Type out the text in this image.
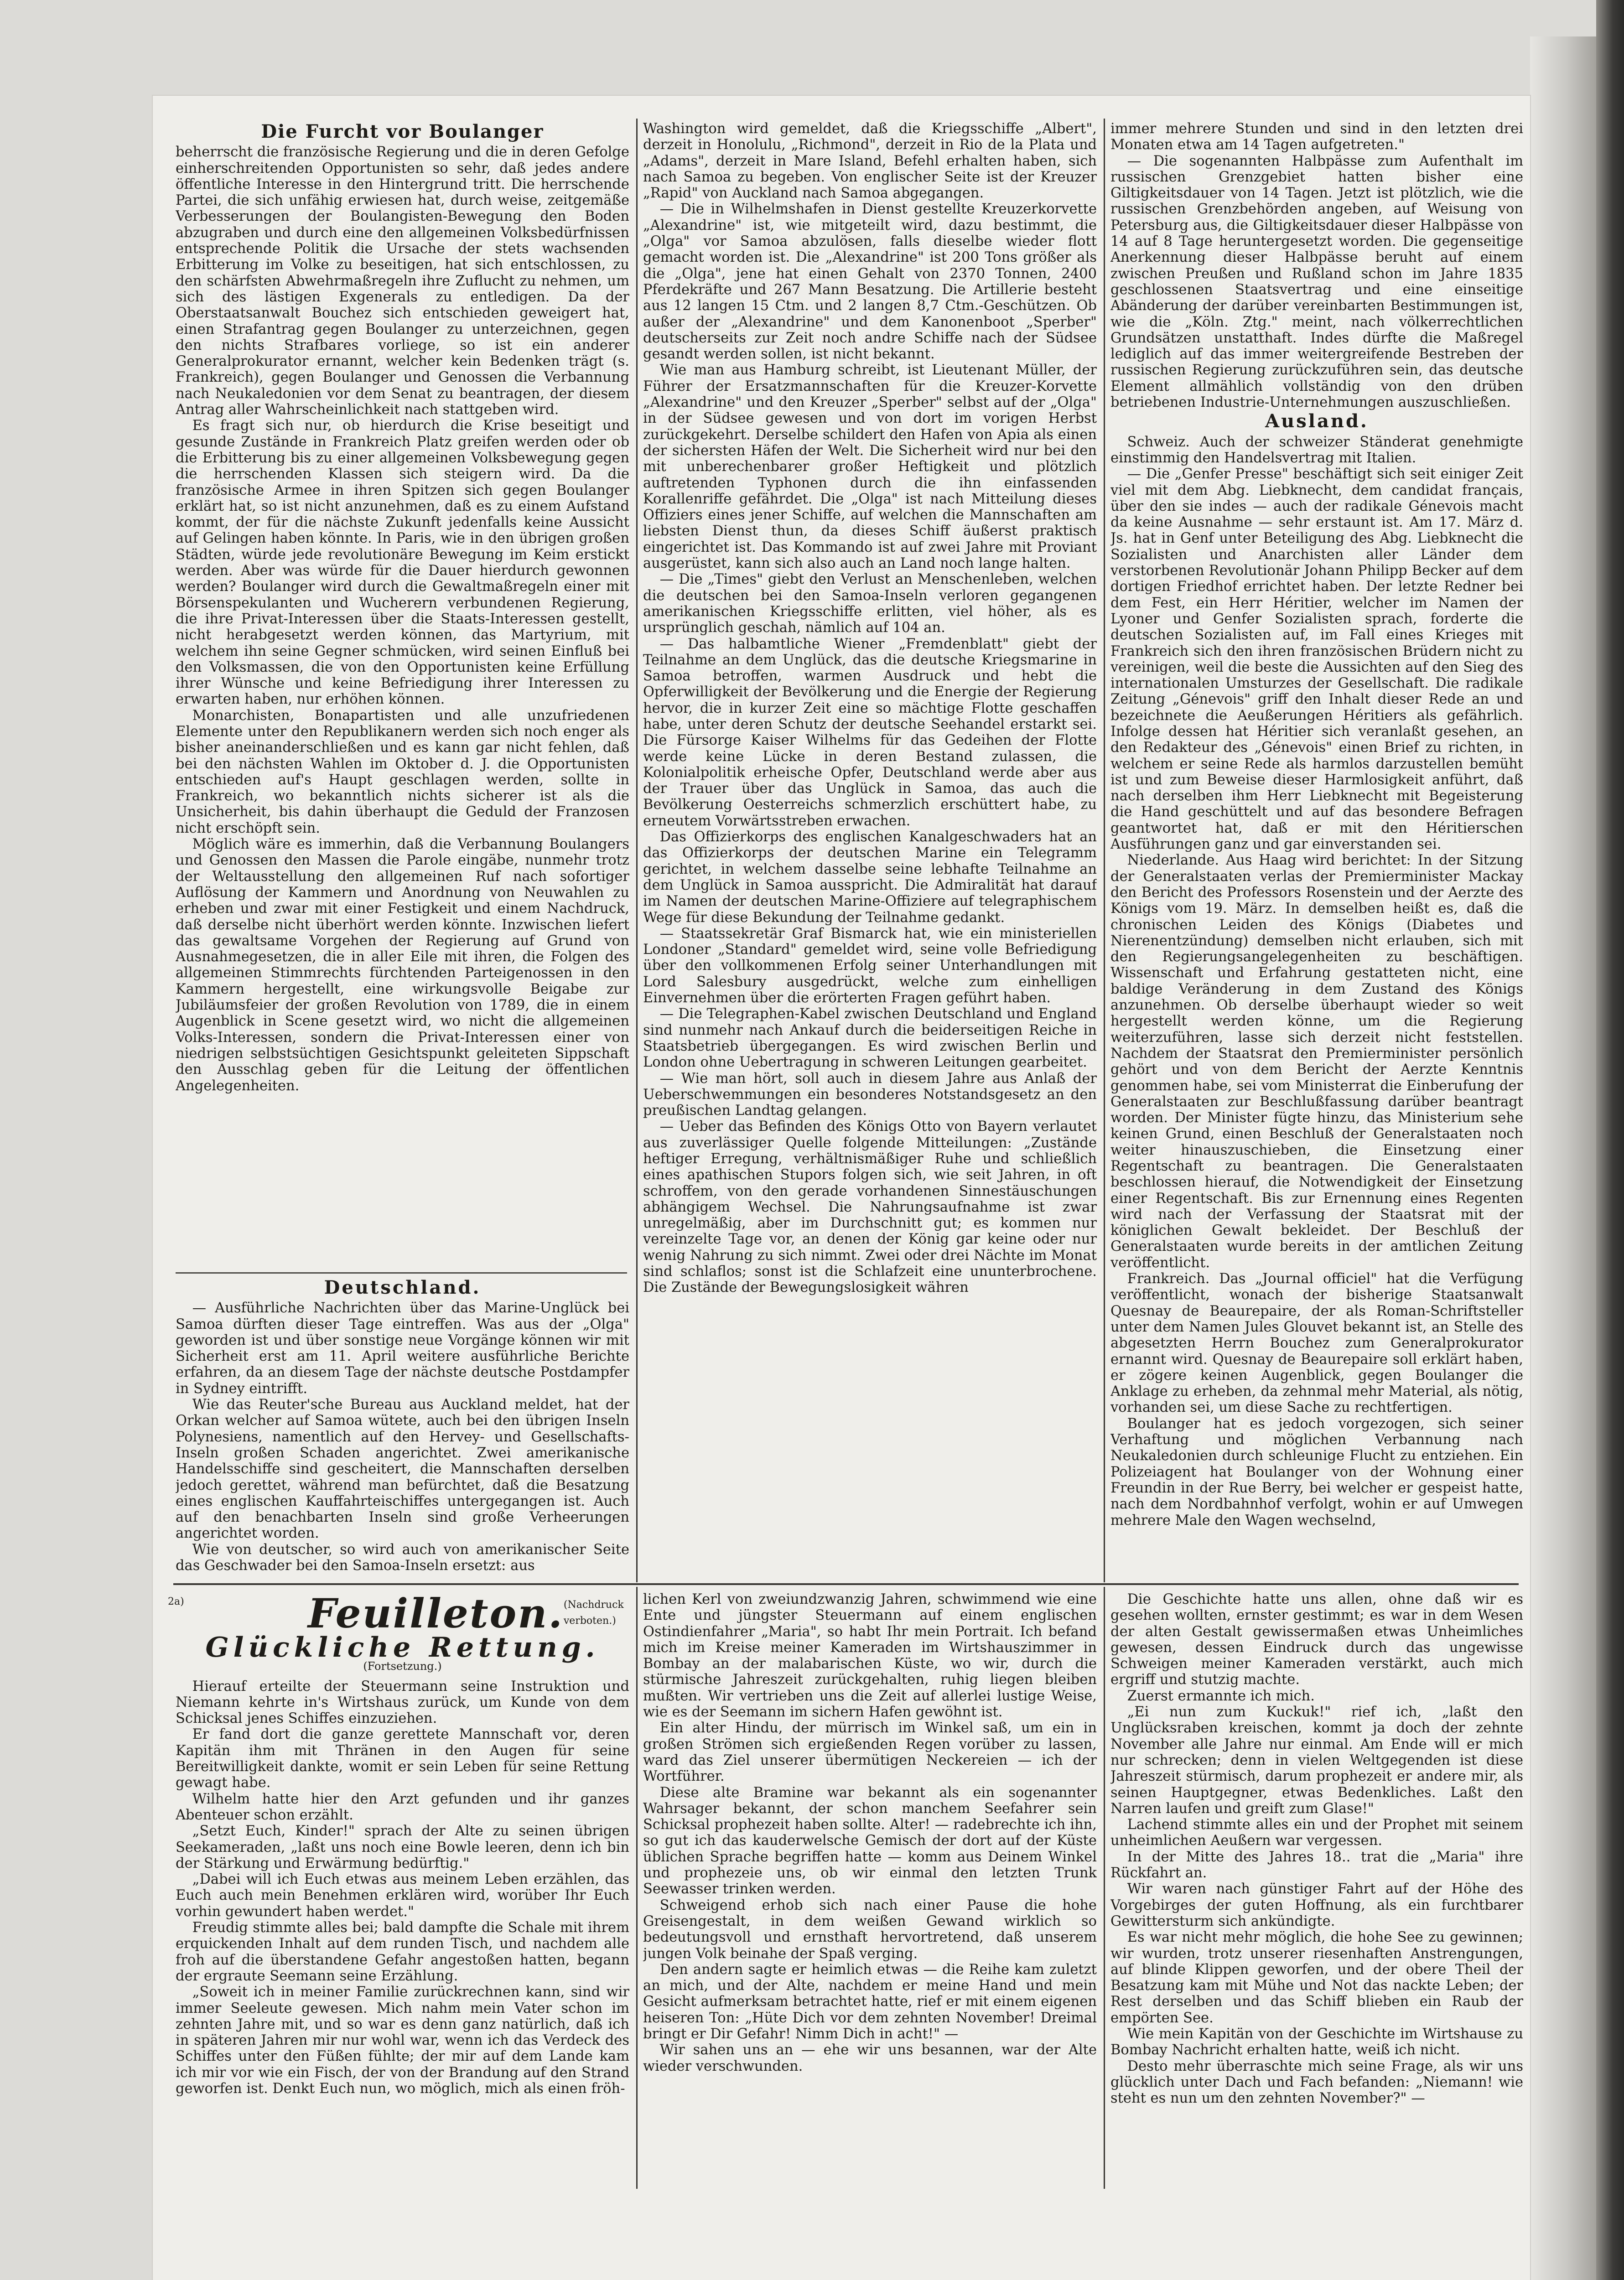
2a)
Die Furcht vor Boulanger

beherrscht die französische Regierung und die in deren Gefolge einherschreitenden Opportunisten so sehr, daß jedes andere öffentliche Interesse in den Hintergrund tritt. Die herrschende Partei, die sich unfähig erwiesen hat, durch weise, zeitgemäße Verbesserungen der Boulangisten-Bewegung den Boden abzugraben und durch eine den allgemeinen Volksbedürfnissen entsprechende Politik die Ursache der stets wachsenden Erbitterung im Volke zu beseitigen, hat sich entschlossen, zu den schärfsten Abwehrmaßregeln ihre Zuflucht zu nehmen, um sich des lästigen Exgenerals zu entledigen. Da der Oberstaatsanwalt Bouchez sich entschieden geweigert hat, einen Strafantrag gegen Boulanger zu unterzeichnen, gegen den nichts Strafbares vorliege, so ist ein anderer Generalprokurator ernannt, welcher kein Bedenken trägt (s. Frankreich), gegen Boulanger und Genossen die Verbannung nach Neukaledonien vor dem Senat zu beantragen, der diesem Antrag aller Wahrscheinlichkeit nach stattgeben wird.

Es fragt sich nur, ob hierdurch die Krise beseitigt und gesunde Zustände in Frankreich Platz greifen werden oder ob die Erbitterung bis zu einer allgemeinen Volksbewegung gegen die herrschenden Klassen sich steigern wird. Da die französische Armee in ihren Spitzen sich gegen Boulanger erklärt hat, so ist nicht anzunehmen, daß es zu einem Aufstand kommt, der für die nächste Zukunft jedenfalls keine Aussicht auf Gelingen haben könnte. In Paris, wie in den übrigen großen Städten, würde jede revolutionäre Bewegung im Keim erstickt werden. Aber was würde für die Dauer hierdurch gewonnen werden? Boulanger wird durch die Gewaltmaßregeln einer mit Börsenspekulanten und Wucherern verbundenen Regierung, die ihre Privat-Interessen über die Staats-Interessen gestellt, nicht herabgesetzt werden können, das Martyrium, mit welchem ihn seine Gegner schmücken, wird seinen Einfluß bei den Volksmassen, die von den Opportunisten keine Erfüllung ihrer Wünsche und keine Befriedigung ihrer Interessen zu erwarten haben, nur erhöhen können.

Monarchisten, Bonapartisten und alle unzufriedenen Elemente unter den Republikanern werden sich noch enger als bisher aneinanderschließen und es kann gar nicht fehlen, daß bei den nächsten Wahlen im Oktober d. J. die Opportunisten entschieden auf's Haupt geschlagen werden, sollte in Frankreich, wo bekanntlich nichts sicherer ist als die Unsicherheit, bis dahin überhaupt die Geduld der Franzosen nicht erschöpft sein.

Möglich wäre es immerhin, daß die Verbannung Boulangers und Genossen den Massen die Parole eingäbe, nunmehr trotz der Weltausstellung den allgemeinen Ruf nach sofortiger Auflösung der Kammern und Anordnung von Neuwahlen zu erheben und zwar mit einer Festigkeit und einem Nachdruck, daß derselbe nicht überhört werden könnte. Inzwischen liefert das gewaltsame Vorgehen der Regierung auf Grund von Ausnahmegesetzen, die in aller Eile mit ihren, die Folgen des allgemeinen Stimmrechts fürchtenden Parteigenossen in den Kammern hergestellt, eine wirkungsvolle Beigabe zur Jubiläumsfeier der großen Revolution von 1789, die in einem Augenblick in Scene gesetzt wird, wo nicht die allgemeinen Volks-Interessen, sondern die Privat-Interessen einer von niedrigen selbstsüchtigen Gesichtspunkt geleiteten Sippschaft den Ausschlag geben für die Leitung der öffentlichen Angelegenheiten.

Deutschland.

— Ausführliche Nachrichten über das Marine-Unglück bei Samoa dürften dieser Tage eintreffen. Was aus der „Olga" geworden ist und über sonstige neue Vorgänge können wir mit Sicherheit erst am 11. April weitere ausführliche Berichte erfahren, da an diesem Tage der nächste deutsche Postdampfer in Sydney eintrifft.

Wie das Reuter'sche Bureau aus Auckland meldet, hat der Orkan welcher auf Samoa wütete, auch bei den übrigen Inseln Polynesiens, namentlich auf den Hervey- und Gesellschafts-Inseln großen Schaden angerichtet. Zwei amerikanische Handelsschiffe sind gescheitert, die Mannschaften derselben jedoch gerettet, während man befürchtet, daß die Besatzung eines englischen Kauffahrteischiffes untergegangen ist. Auch auf den benachbarten Inseln sind große Verheerungen angerichtet worden.

Wie von deutscher, so wird auch von amerikanischer Seite das Geschwader bei den Samoa-Inseln ersetzt: aus

Washington wird gemeldet, daß die Kriegsschiffe „Albert", derzeit in Honolulu, „Richmond", derzeit in Rio de la Plata und „Adams", derzeit in Mare Island, Befehl erhalten haben, sich nach Samoa zu begeben. Von englischer Seite ist der Kreuzer „Rapid" von Auckland nach Samoa abgegangen.

— Die in Wilhelmshafen in Dienst gestellte Kreuzerkorvette „Alexandrine" ist, wie mitgeteilt wird, dazu bestimmt, die „Olga" vor Samoa abzulösen, falls dieselbe wieder flott gemacht worden ist. Die „Alexandrine" ist 200 Tons größer als die „Olga", jene hat einen Gehalt von 2370 Tonnen, 2400 Pferdekräfte und 267 Mann Besatzung. Die Artillerie besteht aus 12 langen 15 Ctm. und 2 langen 8,7 Ctm.-Geschützen. Ob außer der „Alexandrine" und dem Kanonenboot „Sperber" deutscherseits zur Zeit noch andre Schiffe nach der Südsee gesandt werden sollen, ist nicht bekannt.

Wie man aus Hamburg schreibt, ist Lieutenant Müller, der Führer der Ersatzmannschaften für die Kreuzer-Korvette „Alexandrine" und den Kreuzer „Sperber" selbst auf der „Olga" in der Südsee gewesen und von dort im vorigen Herbst zurückgekehrt. Derselbe schildert den Hafen von Apia als einen der sichersten Häfen der Welt. Die Sicherheit wird nur bei den mit unberechenbarer großer Heftigkeit und plötzlich auftretenden Typhonen durch die ihn einfassenden Korallenriffe gefährdet. Die „Olga" ist nach Mitteilung dieses Offiziers eines jener Schiffe, auf welchen die Mannschaften am liebsten Dienst thun, da dieses Schiff äußerst praktisch eingerichtet ist. Das Kommando ist auf zwei Jahre mit Proviant ausgerüstet, kann sich also auch an Land noch lange halten.

— Die „Times" giebt den Verlust an Menschenleben, welchen die deutschen bei den Samoa-Inseln verloren gegangenen amerikanischen Kriegsschiffe erlitten, viel höher, als es ursprünglich geschah, nämlich auf 104 an.

— Das halbamtliche Wiener „Fremdenblatt" giebt der Teilnahme an dem Unglück, das die deutsche Kriegsmarine in Samoa betroffen, warmen Ausdruck und hebt die Opferwilligkeit der Bevölkerung und die Energie der Regierung hervor, die in kurzer Zeit eine so mächtige Flotte geschaffen habe, unter deren Schutz der deutsche Seehandel erstarkt sei. Die Fürsorge Kaiser Wilhelms für das Gedeihen der Flotte werde keine Lücke in deren Bestand zulassen, die Kolonialpolitik erheische Opfer, Deutschland werde aber aus der Trauer über das Unglück in Samoa, das auch die Bevölkerung Oesterreichs schmerzlich erschüttert habe, zu erneutem Vorwärtsstreben erwachen.

Das Offizierkorps des englischen Kanalgeschwaders hat an das Offizierkorps der deutschen Marine ein Telegramm gerichtet, in welchem dasselbe seine lebhafte Teilnahme an dem Unglück in Samoa ausspricht. Die Admiralität hat darauf im Namen der deutschen Marine-Offiziere auf telegraphischem Wege für diese Bekundung der Teilnahme gedankt.

— Staatssekretär Graf Bismarck hat, wie ein ministeriellen Londoner „Standard" gemeldet wird, seine volle Befriedigung über den vollkommenen Erfolg seiner Unterhandlungen mit Lord Salesbury ausgedrückt, welche zum einhelligen Einvernehmen über die erörterten Fragen geführt haben.

— Die Telegraphen-Kabel zwischen Deutschland und England sind nunmehr nach Ankauf durch die beiderseitigen Reiche in Staatsbetrieb übergegangen. Es wird zwischen Berlin und London ohne Uebertragung in schweren Leitungen gearbeitet.

— Wie man hört, soll auch in diesem Jahre aus Anlaß der Ueberschwemmungen ein besonderes Notstandsgesetz an den preußischen Landtag gelangen.

— Ueber das Befinden des Königs Otto von Bayern verlautet aus zuverlässiger Quelle folgende Mitteilungen: „Zustände heftiger Erregung, verhältnismäßiger Ruhe und schließlich eines apathischen Stupors folgen sich, wie seit Jahren, in oft schroffem, von den gerade vorhandenen Sinnestäuschungen abhängigem Wechsel. Die Nahrungsaufnahme ist zwar unregelmäßig, aber im Durchschnitt gut; es kommen nur vereinzelte Tage vor, an denen der König gar keine oder nur wenig Nahrung zu sich nimmt. Zwei oder drei Nächte im Monat sind schlaflos; sonst ist die Schlafzeit eine ununterbrochene. Die Zustände der Bewegungslosigkeit währen

immer mehrere Stunden und sind in den letzten drei Monaten etwa am 14 Tagen aufgetreten."

— Die sogenannten Halbpässe zum Aufenthalt im russischen Grenzgebiet hatten bisher eine Giltigkeitsdauer von 14 Tagen. Jetzt ist plötzlich, wie die russischen Grenzbehörden angeben, auf Weisung von Petersburg aus, die Giltigkeitsdauer dieser Halbpässe von 14 auf 8 Tage heruntergesetzt worden. Die gegenseitige Anerkennung dieser Halbpässe beruht auf einem zwischen Preußen und Rußland schon im Jahre 1835 geschlossenen Staatsvertrag und eine einseitige Abänderung der darüber vereinbarten Bestimmungen ist, wie die „Köln. Ztg." meint, nach völkerrechtlichen Grundsätzen unstatthaft. Indes dürfte die Maßregel lediglich auf das immer weitergreifende Bestreben der russischen Regierung zurückzuführen sein, das deutsche Element allmählich vollständig von den drüben betriebenen Industrie-Unternehmungen auszuschließen.

Ausland.

Schweiz. Auch der schweizer Ständerat genehmigte einstimmig den Handelsvertrag mit Italien.

— Die „Genfer Presse" beschäftigt sich seit einiger Zeit viel mit dem Abg. Liebknecht, dem candidat français, über den sie indes — auch der radikale Génevois macht da keine Ausnahme — sehr erstaunt ist. Am 17. März d. Js. hat in Genf unter Beteiligung des Abg. Liebknecht die Sozialisten und Anarchisten aller Länder dem verstorbenen Revolutionär Johann Philipp Becker auf dem dortigen Friedhof errichtet haben. Der letzte Redner bei dem Fest, ein Herr Héritier, welcher im Namen der Lyoner und Genfer Sozialisten sprach, forderte die deutschen Sozialisten auf, im Fall eines Krieges mit Frankreich sich den ihren französischen Brüdern nicht zu vereinigen, weil die beste die Aussichten auf den Sieg des internationalen Umsturzes der Gesellschaft. Die radikale Zeitung „Génevois" griff den Inhalt dieser Rede an und bezeichnete die Aeußerungen Héritiers als gefährlich. Infolge dessen hat Héritier sich veranlaßt gesehen, an den Redakteur des „Génevois" einen Brief zu richten, in welchem er seine Rede als harmlos darzustellen bemüht ist und zum Beweise dieser Harmlosigkeit anführt, daß nach derselben ihm Herr Liebknecht mit Begeisterung die Hand geschüttelt und auf das besondere Befragen geantwortet hat, daß er mit den Héritierschen Ausführungen ganz und gar einverstanden sei.

Niederlande. Aus Haag wird berichtet: In der Sitzung der Generalstaaten verlas der Premierminister Mackay den Bericht des Professors Rosenstein und der Aerzte des Königs vom 19. März. In demselben heißt es, daß die chronischen Leiden des Königs (Diabetes und Nierenentzündung) demselben nicht erlauben, sich mit den Regierungsangelegenheiten zu beschäftigen. Wissenschaft und Erfahrung gestatteten nicht, eine baldige Veränderung in dem Zustand des Königs anzunehmen. Ob derselbe überhaupt wieder so weit hergestellt werden könne, um die Regierung weiterzuführen, lasse sich derzeit nicht feststellen. Nachdem der Staatsrat den Premierminister persönlich gehört und von dem Bericht der Aerzte Kenntnis genommen habe, sei vom Ministerrat die Einberufung der Generalstaaten zur Beschlußfassung darüber beantragt worden. Der Minister fügte hinzu, das Ministerium sehe keinen Grund, einen Beschluß der Generalstaaten noch weiter hinauszuschieben, die Einsetzung einer Regentschaft zu beantragen. Die Generalstaaten beschlossen hierauf, die Notwendigkeit der Einsetzung einer Regentschaft. Bis zur Ernennung eines Regenten wird nach der Verfassung der Staatsrat mit der königlichen Gewalt bekleidet. Der Beschluß der Generalstaaten wurde bereits in der amtlichen Zeitung veröffentlicht.

Frankreich. Das „Journal officiel" hat die Verfügung veröffentlicht, wonach der bisherige Staatsanwalt Quesnay de Beaurepaire, der als Roman-Schriftsteller unter dem Namen Jules Glouvet bekannt ist, an Stelle des abgesetzten Herrn Bouchez zum Generalprokurator ernannt wird. Quesnay de Beaurepaire soll erklärt haben, er zögere keinen Augenblick, gegen Boulanger die Anklage zu erheben, da zehnmal mehr Material, als nötig, vorhanden sei, um diese Sache zu rechtfertigen.

Boulanger hat es jedoch vorgezogen, sich seiner Verhaftung und möglichen Verbannung nach Neukaledonien durch schleunige Flucht zu entziehen. Ein Polizeiagent hat Boulanger von der Wohnung einer Freundin in der Rue Berry, bei welcher er gespeist hatte, nach dem Nordbahnhof verfolgt, wohin er auf Umwegen mehrere Male den Wagen wechselnd,

Feuilleton. (Nachdruck verboten.)
Glückliche Rettung.
(Fortsetzung.)

Hierauf erteilte der Steuermann seine Instruktion und Niemann kehrte in's Wirtshaus zurück, um Kunde von dem Schicksal jenes Schiffes einzuziehen.

Er fand dort die ganze gerettete Mannschaft vor, deren Kapitän ihm mit Thränen in den Augen für seine Bereitwilligkeit dankte, womit er sein Leben für seine Rettung gewagt habe.

Wilhelm hatte hier den Arzt gefunden und ihr ganzes Abenteuer schon erzählt.

„Setzt Euch, Kinder!" sprach der Alte zu seinen übrigen Seekameraden, „laßt uns noch eine Bowle leeren, denn ich bin der Stärkung und Erwärmung bedürftig."

„Dabei will ich Euch etwas aus meinem Leben erzählen, das Euch auch mein Benehmen erklären wird, worüber Ihr Euch vorhin gewundert haben werdet."

Freudig stimmte alles bei; bald dampfte die Schale mit ihrem erquickenden Inhalt auf dem runden Tisch, und nachdem alle froh auf die überstandene Gefahr angestoßen hatten, begann der ergraute Seemann seine Erzählung.

„Soweit ich in meiner Familie zurückrechnen kann, sind wir immer Seeleute gewesen. Mich nahm mein Vater schon im zehnten Jahre mit, und so war es denn ganz natürlich, daß ich in späteren Jahren mir nur wohl war, wenn ich das Verdeck des Schiffes unter den Füßen fühlte; der mir auf dem Lande kam ich mir vor wie ein Fisch, der von der Brandung auf den Strand geworfen ist. Denkt Euch nun, wo möglich, mich als einen fröh-

lichen Kerl von zweiundzwanzig Jahren, schwimmend wie eine Ente und jüngster Steuermann auf einem englischen Ostindienfahrer „Maria", so habt Ihr mein Portrait. Ich befand mich im Kreise meiner Kameraden im Wirtshauszimmer in Bombay an der malabarischen Küste, wo wir, durch die stürmische Jahreszeit zurückgehalten, ruhig liegen bleiben mußten. Wir vertrieben uns die Zeit auf allerlei lustige Weise, wie es der Seemann im sichern Hafen gewöhnt ist.

Ein alter Hindu, der mürrisch im Winkel saß, um ein in großen Strömen sich ergießenden Regen vorüber zu lassen, ward das Ziel unserer übermütigen Neckereien — ich der Wortführer.

Diese alte Bramine war bekannt als ein sogenannter Wahrsager bekannt, der schon manchem Seefahrer sein Schicksal prophezeit haben sollte. Alter! — radebrechte ich ihn, so gut ich das kauderwelsche Gemisch der dort auf der Küste üblichen Sprache begriffen hatte — komm aus Deinem Winkel und prophezeie uns, ob wir einmal den letzten Trunk Seewasser trinken werden.

Schweigend erhob sich nach einer Pause die hohe Greisengestalt, in dem weißen Gewand wirklich so bedeutungsvoll und ernsthaft hervortretend, daß unserem jungen Volk beinahe der Spaß verging.

Den andern sagte er heimlich etwas — die Reihe kam zuletzt an mich, und der Alte, nachdem er meine Hand und mein Gesicht aufmerksam betrachtet hatte, rief er mit einem eigenen heiseren Ton: „Hüte Dich vor dem zehnten November! Dreimal bringt er Dir Gefahr! Nimm Dich in acht!" —

Wir sahen uns an — ehe wir uns besannen, war der Alte wieder verschwunden.

Die Geschichte hatte uns allen, ohne daß wir es gesehen wollten, ernster gestimmt; es war in dem Wesen der alten Gestalt gewissermaßen etwas Unheimliches gewesen, dessen Eindruck durch das ungewisse Schweigen meiner Kameraden verstärkt, auch mich ergriff und stutzig machte.

Zuerst ermannte ich mich.

„Ei nun zum Kuckuk!" rief ich, „laßt den Unglücksraben kreischen, kommt ja doch der zehnte November alle Jahre nur einmal. Am Ende will er mich nur schrecken; denn in vielen Weltgegenden ist diese Jahreszeit stürmisch, darum prophezeit er andere mir, als seinen Hauptgegner, etwas Bedenkliches. Laßt den Narren laufen und greift zum Glase!"

Lachend stimmte alles ein und der Prophet mit seinem unheimlichen Aeußern war vergessen.

In der Mitte des Jahres 18.. trat die „Maria" ihre Rückfahrt an.

Wir waren nach günstiger Fahrt auf der Höhe des Vorgebirges der guten Hoffnung, als ein furchtbarer Gewittersturm sich ankündigte.

Es war nicht mehr möglich, die hohe See zu gewinnen; wir wurden, trotz unserer riesenhaften Anstrengungen, auf blinde Klippen geworfen, und der obere Theil der Besatzung kam mit Mühe und Not das nackte Leben; der Rest derselben und das Schiff blieben ein Raub der empörten See.

Wie mein Kapitän von der Geschichte im Wirtshause zu Bombay Nachricht erhalten hatte, weiß ich nicht.

Desto mehr überraschte mich seine Frage, als wir uns glücklich unter Dach und Fach befanden: „Niemann! wie steht es nun um den zehnten November?" —
